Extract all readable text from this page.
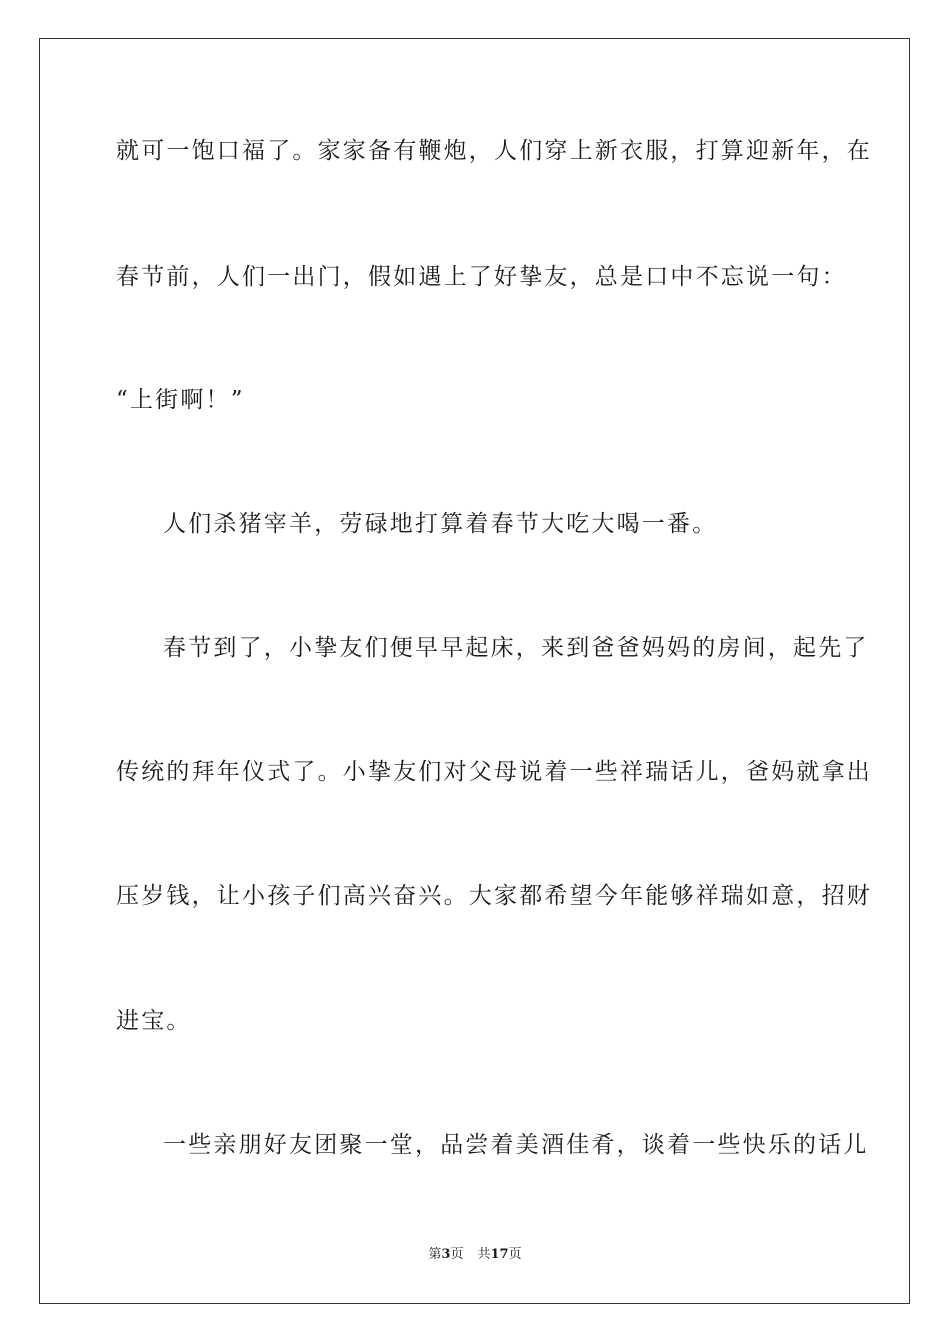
就可一饱口福了。家家备有鞭炮，人们穿上新衣服，打算迎新年，在
春节前，人们一出门，假如遇上了好挚友，总是口中不忘说一句：
“上街啊！”
人们杀猪宰羊，劳碌地打算着春节大吃大喝一番。
春节到了，小挚友们便早早起床，来到爸爸妈妈的房间，起先了
传统的拜年仪式了。小挚友们对父母说着一些祥瑞话儿，爸妈就拿出
压岁钱，让小孩子们高兴奋兴。大家都希望今年能够祥瑞如意，招财
进宝。
一些亲朋好友团聚一堂，品尝着美酒佳肴，谈着一些快乐的话儿
第3页 共17页
